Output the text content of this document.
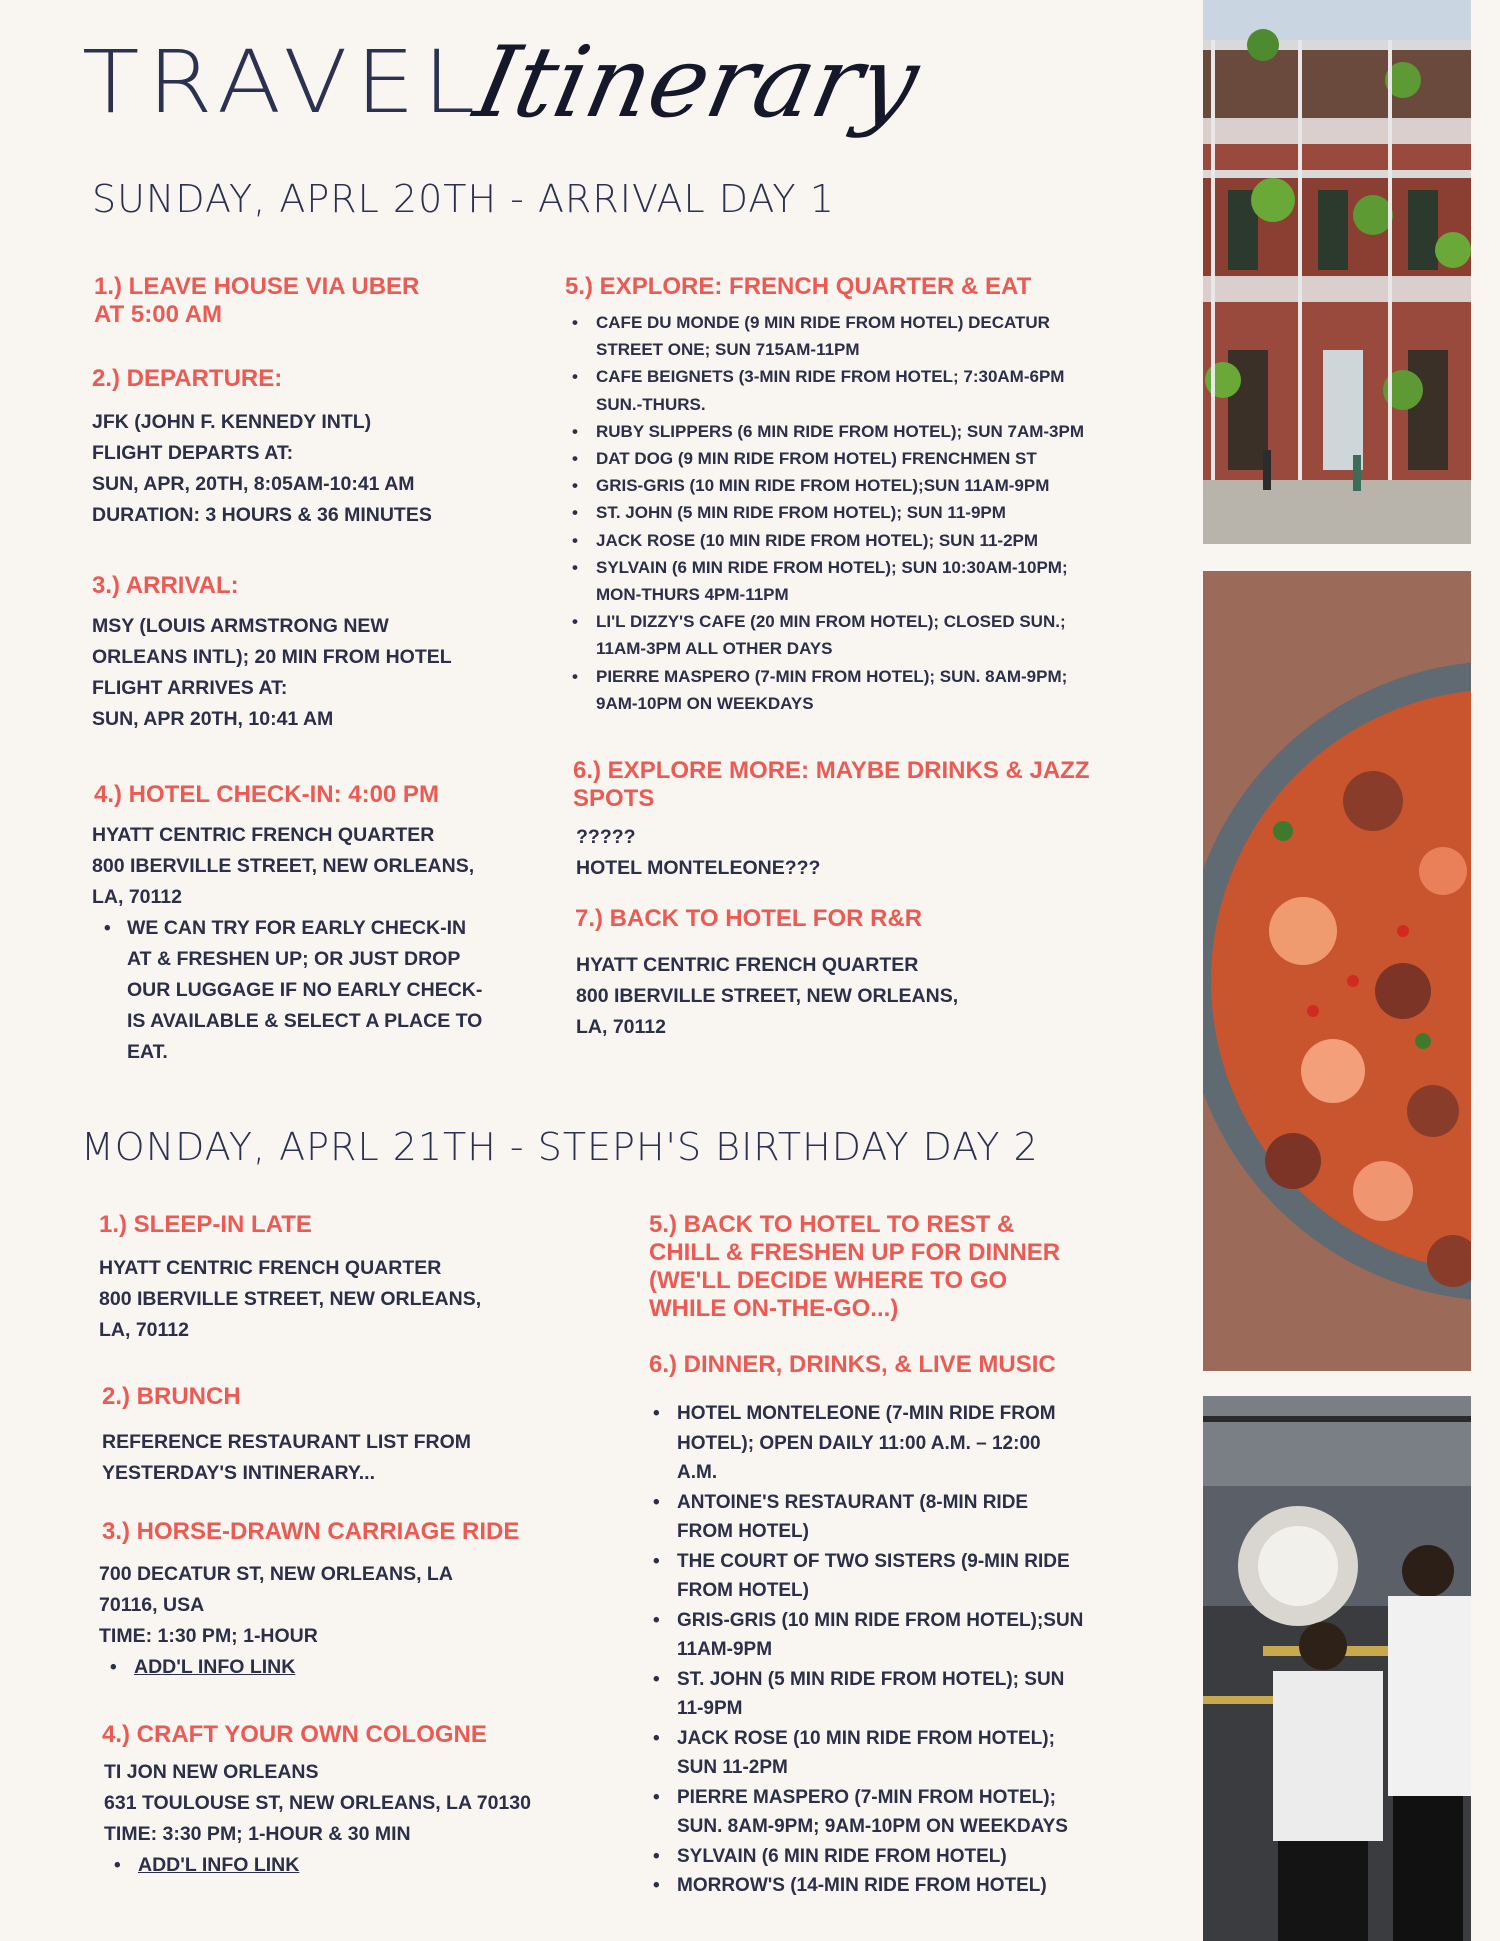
TRAVEL
Itinerary
SUNDAY, APRL 20TH - ARRIVAL DAY 1

1.) LEAVE HOUSE VIA UBER

AT 5:00 AM

2.) DEPARTURE:

JFK (JOHN F. KENNEDY INTL)

FLIGHT DEPARTS AT:

SUN, APR, 20TH, 8:05AM-10:41 AM

DURATION: 3 HOURS & 36 MINUTES

3.) ARRIVAL:

MSY (LOUIS ARMSTRONG NEW

ORLEANS INTL); 20 MIN FROM HOTEL

FLIGHT ARRIVES AT:

SUN, APR 20TH, 10:41 AM

4.) HOTEL CHECK-IN: 4:00 PM

HYATT CENTRIC FRENCH QUARTER

800 IBERVILLE STREET, NEW ORLEANS,

LA, 70112

• WE CAN TRY FOR EARLY CHECK-IN

AT & FRESHEN UP; OR JUST DROP

OUR LUGGAGE IF NO EARLY CHECK-

IS AVAILABLE & SELECT A PLACE TO

EAT.

5.) EXPLORE: FRENCH QUARTER & EAT

• CAFE DU MONDE (9 MIN RIDE FROM HOTEL) DECATUR
STREET ONE; SUN 715AM-11PM
• CAFE BEIGNETS (3-MIN RIDE FROM HOTEL; 7:30AM-6PM
SUN.-THURS.
• RUBY SLIPPERS (6 MIN RIDE FROM HOTEL); SUN 7AM-3PM
• DAT DOG (9 MIN RIDE FROM HOTEL) FRENCHMEN ST
• GRIS-GRIS (10 MIN RIDE FROM HOTEL);SUN 11AM-9PM
• ST. JOHN (5 MIN RIDE FROM HOTEL); SUN 11-9PM
• JACK ROSE (10 MIN RIDE FROM HOTEL); SUN 11-2PM
• SYLVAIN (6 MIN RIDE FROM HOTEL); SUN 10:30AM-10PM;
MON-THURS 4PM-11PM
• LI'L DIZZY'S CAFE (20 MIN FROM HOTEL); CLOSED SUN.;
11AM-3PM ALL OTHER DAYS
• PIERRE MASPERO (7-MIN FROM HOTEL); SUN. 8AM-9PM;
9AM-10PM ON WEEKDAYS

6.) EXPLORE MORE: MAYBE DRINKS & JAZZ

SPOTS

?????

HOTEL MONTELEONE???

7.) BACK TO HOTEL FOR R&R

HYATT CENTRIC FRENCH QUARTER

800 IBERVILLE STREET, NEW ORLEANS,

LA, 70112

MONDAY, APRL 21TH - STEPH'S BIRTHDAY DAY 2

1.) SLEEP-IN LATE

HYATT CENTRIC FRENCH QUARTER

800 IBERVILLE STREET, NEW ORLEANS,

LA, 70112

2.) BRUNCH

REFERENCE RESTAURANT LIST FROM

YESTERDAY'S INTINERARY...

3.) HORSE-DRAWN CARRIAGE RIDE

700 DECATUR ST, NEW ORLEANS, LA

70116, USA

TIME: 1:30 PM; 1-HOUR

• ADD'L INFO LINK

4.) CRAFT YOUR OWN COLOGNE

TI JON NEW ORLEANS

631 TOULOUSE ST, NEW ORLEANS, LA 70130

TIME: 3:30 PM; 1-HOUR & 30 MIN

• ADD'L INFO LINK

5.) BACK TO HOTEL TO REST &

CHILL & FRESHEN UP FOR DINNER

(WE'LL DECIDE WHERE TO GO

WHILE ON-THE-GO...)

6.) DINNER, DRINKS, & LIVE MUSIC

• HOTEL MONTELEONE (7-MIN RIDE FROM
HOTEL); OPEN DAILY 11:00 A.M. – 12:00
A.M.
• ANTOINE'S RESTAURANT (8-MIN RIDE
FROM HOTEL)
• THE COURT OF TWO SISTERS (9-MIN RIDE
FROM HOTEL)
• GRIS-GRIS (10 MIN RIDE FROM HOTEL);SUN
11AM-9PM
• ST. JOHN (5 MIN RIDE FROM HOTEL); SUN
11-9PM
• JACK ROSE (10 MIN RIDE FROM HOTEL);
SUN 11-2PM
• PIERRE MASPERO (7-MIN FROM HOTEL);
SUN. 8AM-9PM; 9AM-10PM ON WEEKDAYS
• SYLVAIN (6 MIN RIDE FROM HOTEL)
• MORROW'S (14-MIN RIDE FROM HOTEL)
